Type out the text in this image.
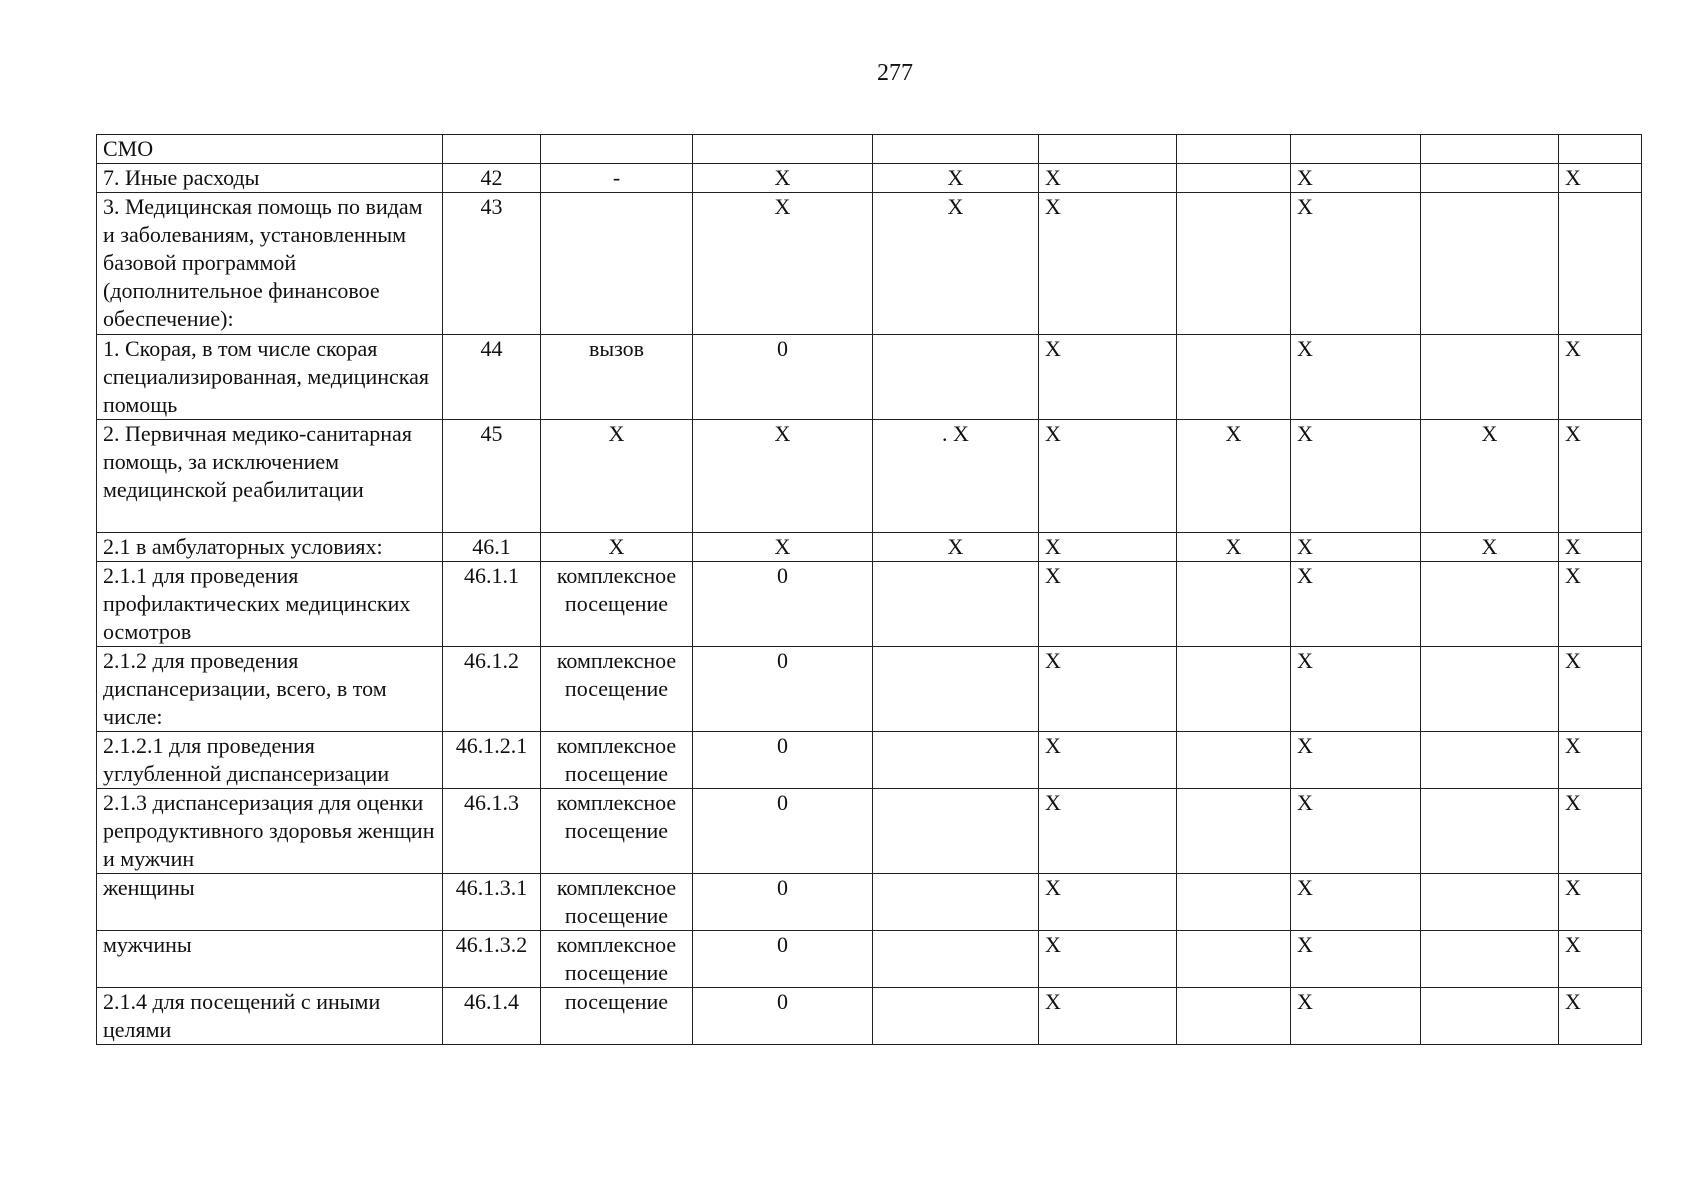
277
СМО									
7. Иные расходы	42	-	X	X	X		X		X
3. Медицинская помощь по видам и заболеваниям, установленным базовой программой (дополнительное финансовое обеспечение):	43		X	X	X		X		
1. Скорая, в том числе скорая специализированная, медицинская помощь	44	вызов	0		X		X		X
2. Первичная медико-санитарная помощь, за исключением медицинской реабилитации	45	X	X	. X	X	X	X	X	X
2.1 в амбулаторных условиях:	46.1	X	X	X	X	X	X	X	X
2.1.1 для проведения профилактических медицинских осмотров	46.1.1	комплексное посещение	0		X		X		X
2.1.2 для проведения диспансеризации, всего, в том числе:	46.1.2	комплексное посещение	0		X		X		X
2.1.2.1 для проведения углубленной диспансеризации	46.1.2.1	комплексное посещение	0		X		X		X
2.1.3 диспансеризация для оценки репродуктивного здоровья женщин и мужчин	46.1.3	комплексное посещение	0		X		X		X
женщины	46.1.3.1	комплексное посещение	0		X		X		X
мужчины	46.1.3.2	комплексное посещение	0		X		X		X
2.1.4 для посещений с иными целями	46.1.4	посещение	0		X		X		X
